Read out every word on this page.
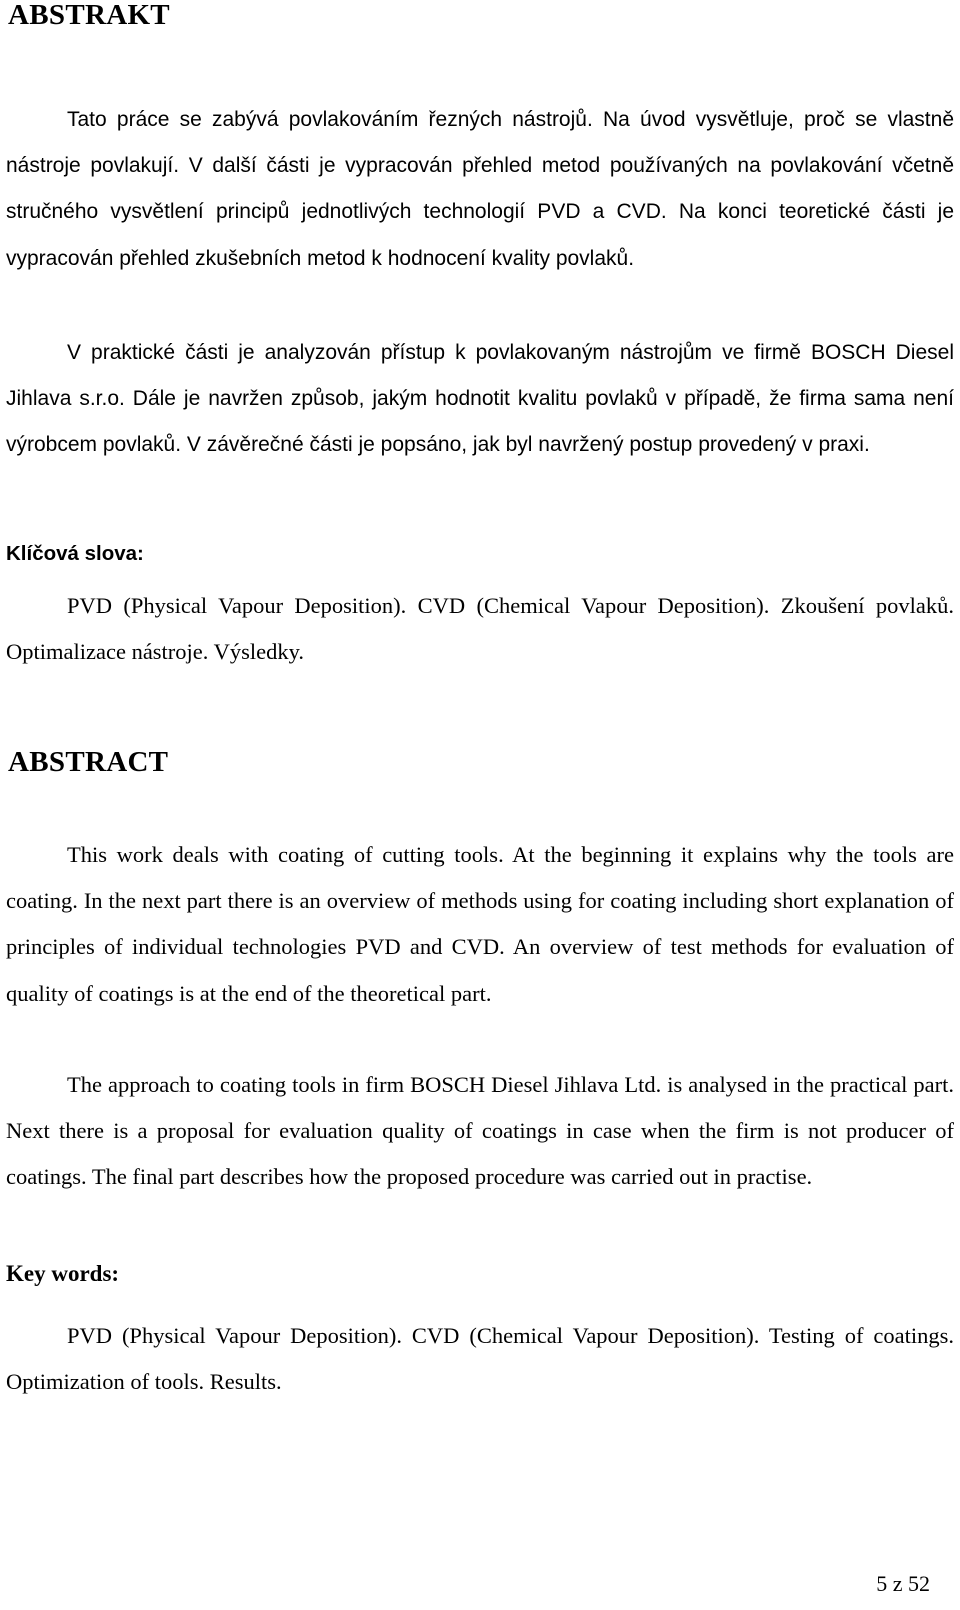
ABSTRAKT

Tato práce se zabývá povlakováním řezných nástrojů. Na úvod vysvětluje, proč se vlastně nástroje povlakují. V další části je vypracován přehled metod používaných na povlakování včetně stručného vysvětlení principů jednotlivých technologií PVD a CVD. Na konci teoretické části je vypracován přehled zkušebních metod k hodnocení kvality povlaků.

V praktické části je analyzován přístup k povlakovaným nástrojům ve firmě BOSCH Diesel Jihlava s.r.o. Dále je navržen způsob, jakým hodnotit kvalitu povlaků v případě, že firma sama není výrobcem povlaků. V závěrečné části je popsáno, jak byl navržený postup provedený v praxi.

Klíčová slova:

PVD (Physical Vapour Deposition). CVD (Chemical Vapour Deposition). Zkoušení povlaků. Optimalizace nástroje. Výsledky.

ABSTRACT

This work deals with coating of cutting tools. At the beginning it explains why the tools are coating. In the next part there is an overview of methods using for coating including short explanation of principles of individual technologies PVD and CVD. An overview of test methods for evaluation of quality of coatings is at the end of the theoretical part.

The approach to coating tools in firm BOSCH Diesel Jihlava Ltd. is analysed in the practical part. Next there is a proposal for evaluation quality of coatings in case when the firm is not producer of coatings. The final part describes how the proposed procedure was carried out in practise.

Key words:

PVD (Physical Vapour Deposition). CVD (Chemical Vapour Deposition). Testing of coatings. Optimization of tools. Results.

5 z 52
